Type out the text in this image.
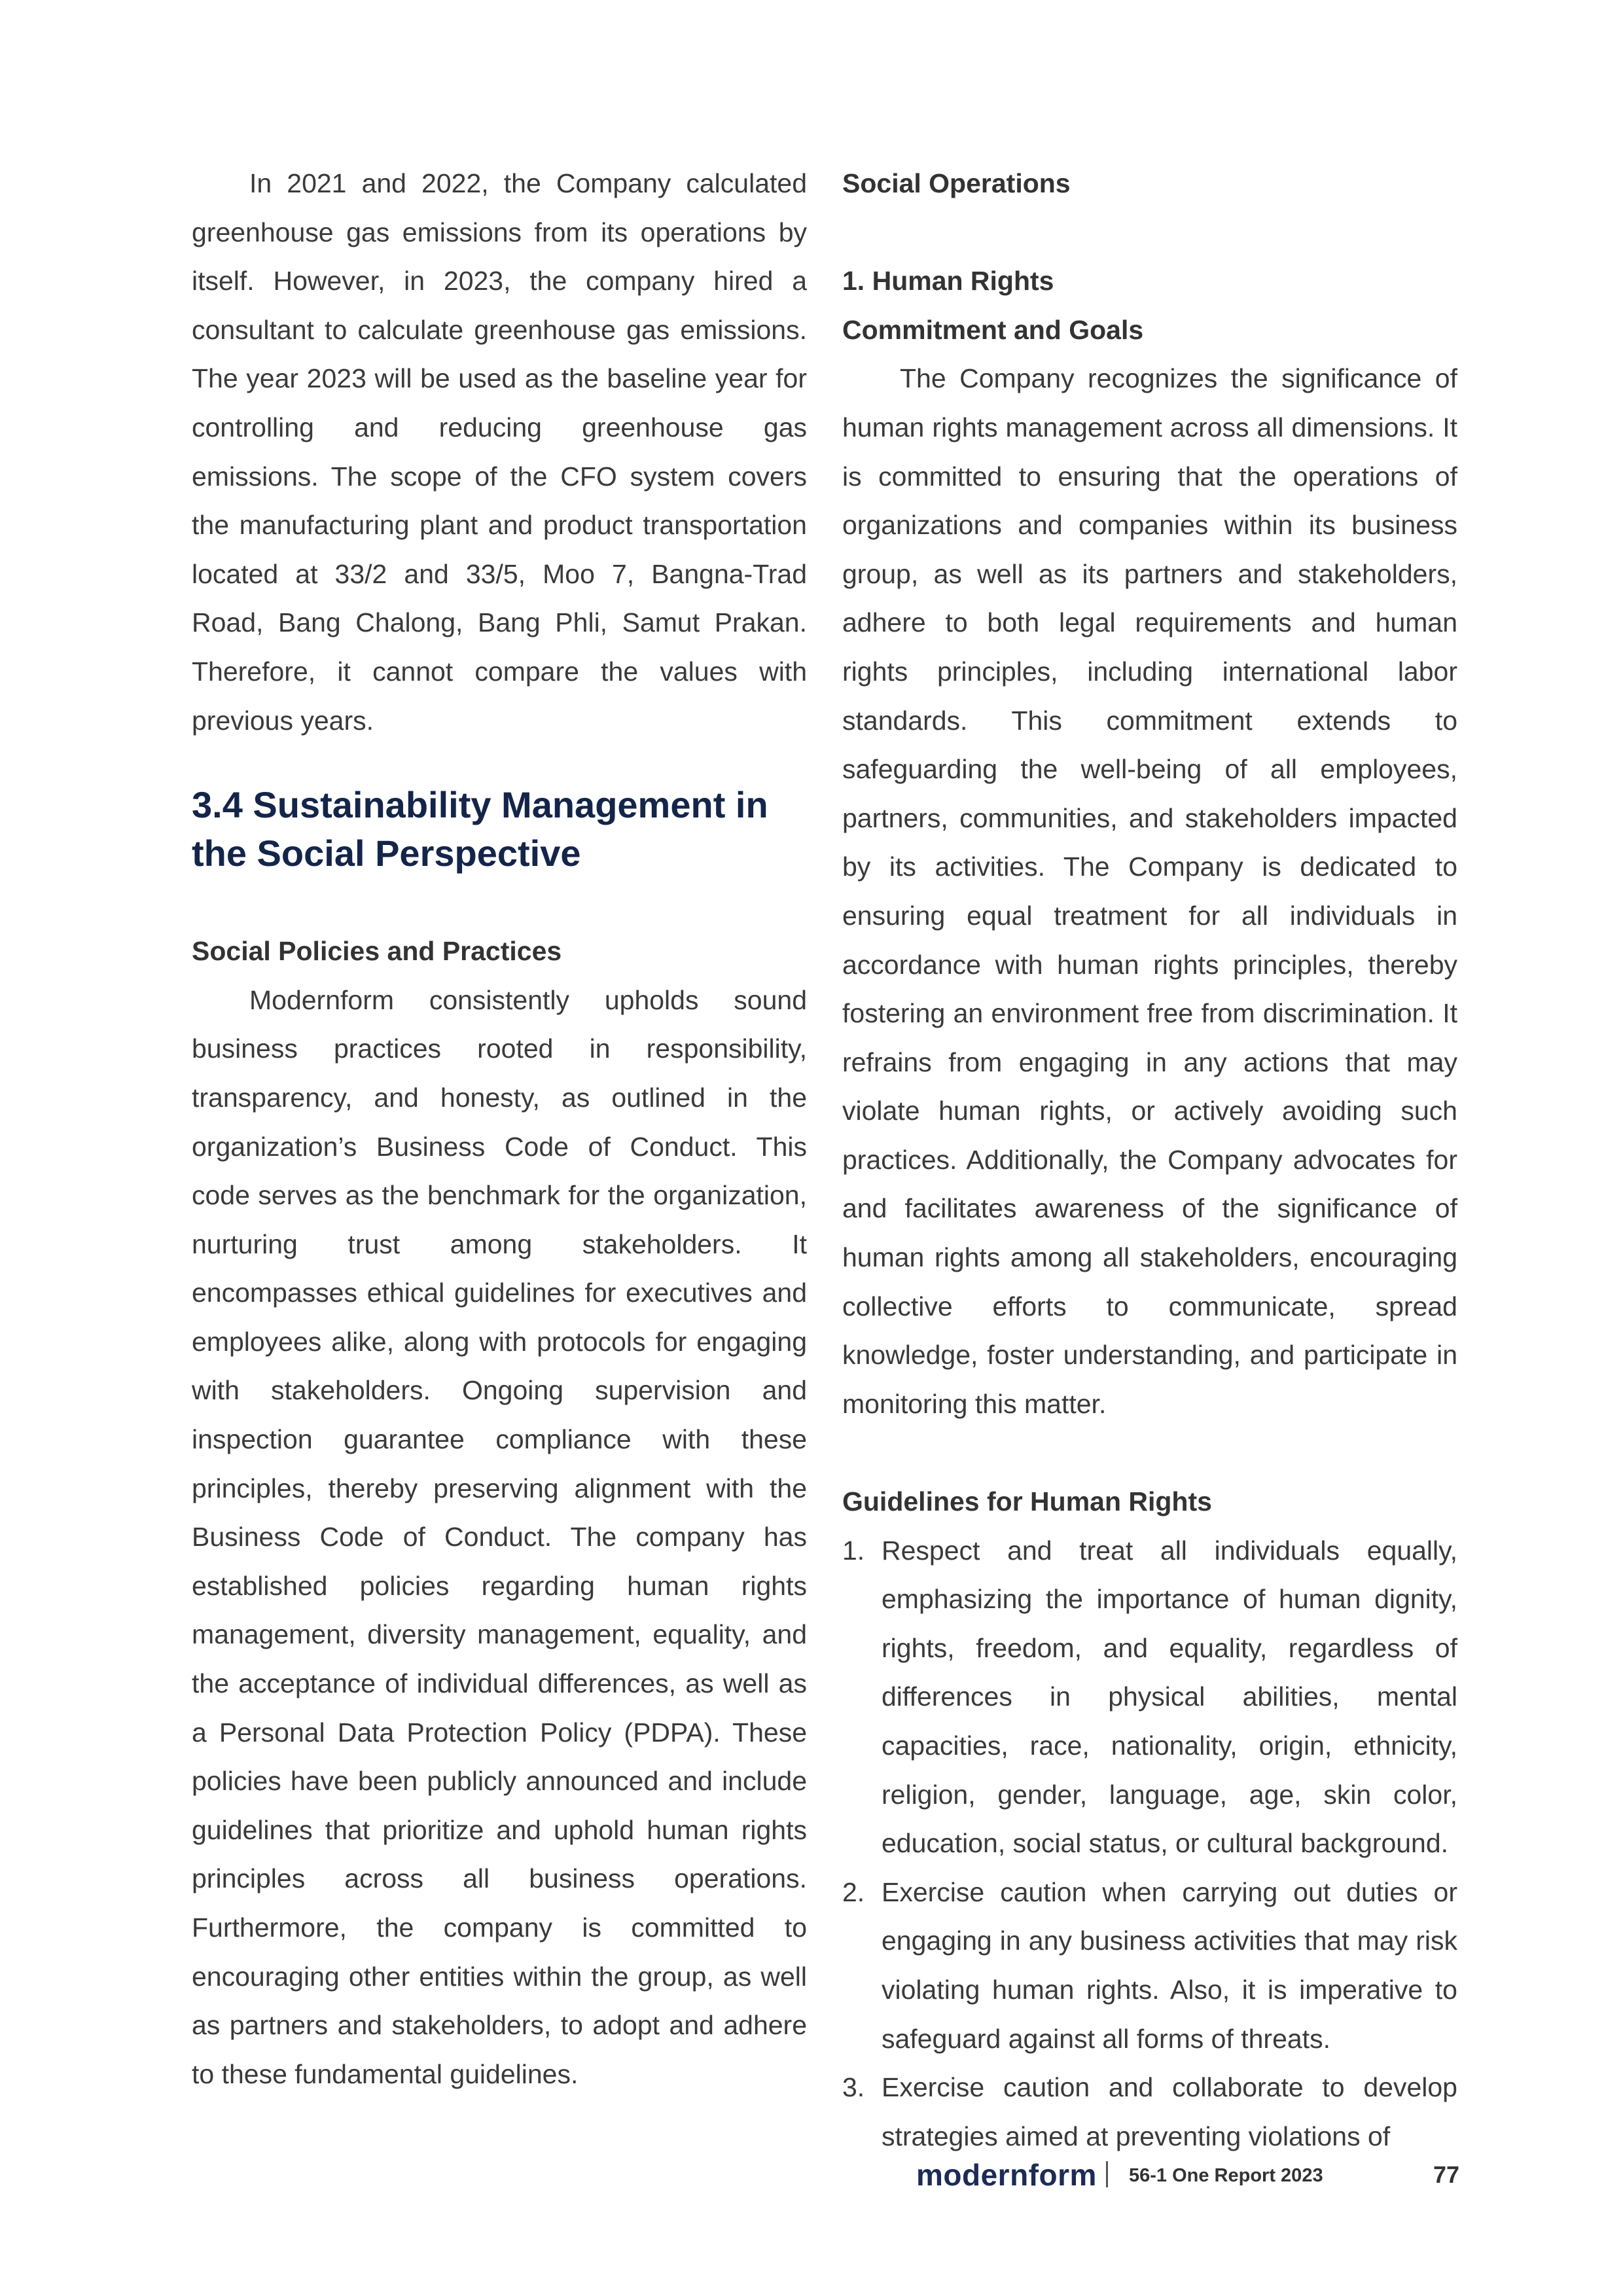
In 2021 and 2022, the Company calculated greenhouse gas emissions from its operations by itself. However, in 2023, the company hired a consultant to calculate greenhouse gas emissions. The year 2023 will be used as the baseline year for controlling and reducing greenhouse gas emissions. The scope of the CFO system covers the manufacturing plant and product transportation located at 33/2 and 33/5, Moo 7, Bangna-Trad Road, Bang Chalong, Bang Phli, Samut Prakan. Therefore, it cannot compare the values with previous years.

3.4 Sustainability Management in the Social Perspective
Social Policies and Practices

Modernform consistently upholds sound business practices rooted in responsibility, transparency, and honesty, as outlined in the organization’s Business Code of Conduct. This code serves as the benchmark for the organization, nurturing trust among stakeholders. It encompasses ethical guidelines for executives and employees alike, along with protocols for engaging with stakeholders. Ongoing supervision and inspection guarantee compliance with these principles, thereby preserving alignment with the Business Code of Conduct. The company has established policies regarding human rights management, diversity management, equality, and the acceptance of individual differences, as well as a Personal Data Protection Policy (PDPA). These policies have been publicly announced and include guidelines that prioritize and uphold human rights principles across all business operations. Furthermore, the company is committed to encouraging other entities within the group, as well as partners and stakeholders, to adopt and adhere to these fundamental guidelines.

Social Operations
1. Human Rights
Commitment and Goals

The Company recognizes the significance of human rights management across all dimensions. It is committed to ensuring that the operations of organizations and companies within its business group, as well as its partners and stakeholders, adhere to both legal requirements and human rights principles, including international labor standards. This commitment extends to safeguarding the well-being of all employees, partners, communities, and stakeholders impacted by its activities. The Company is dedicated to ensuring equal treatment for all individuals in accordance with human rights principles, thereby fostering an environment free from discrimination. It refrains from engaging in any actions that may violate human rights, or actively avoiding such practices. Additionally, the Company advocates for and facilitates awareness of the significance of human rights among all stakeholders, encouraging collective efforts to communicate, spread knowledge, foster understanding, and participate in monitoring this matter.

Guidelines for Human Rights
1. Respect and treat all individuals equally, emphasizing the importance of human dignity, rights, freedom, and equality, regardless of differences in physical abilities, mental capacities, race, nationality, origin, ethnicity, religion, gender, language, age, skin color, education, social status, or cultural background.
2. Exercise caution when carrying out duties or engaging in any business activities that may risk violating human rights. Also, it is imperative to safeguard against all forms of threats.
3. Exercise caution and collaborate to develop strategies aimed at preventing violations of
modernform 56-1 One Report 2023	77
